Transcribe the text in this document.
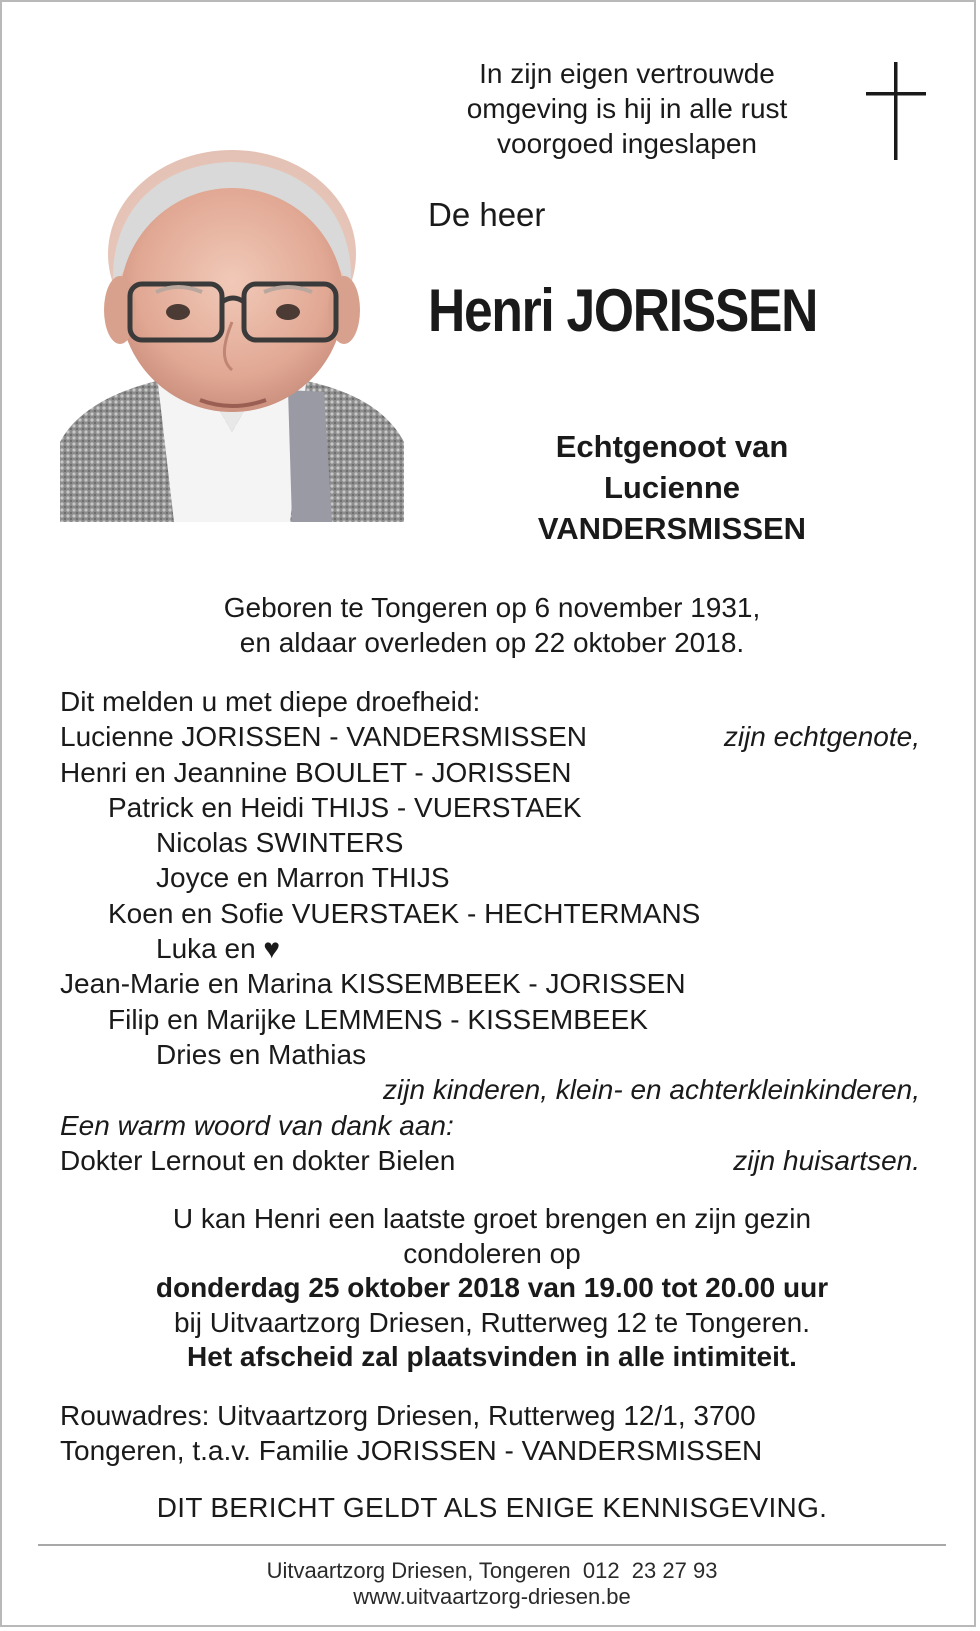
In zijn eigen vertrouwde
omgeving is hij in alle rust
voorgoed ingeslapen
De heer
Henri JORISSEN
Echtgenoot van
Lucienne
VANDERSMISSEN
Geboren te Tongeren op 6 november 1931,
en aldaar overleden op 22 oktober 2018.
Dit melden u met diepe droefheid:
Lucienne JORISSEN - VANDERSMISSEN	zijn echtgenote,
Henri en Jeannine BOULET - JORISSEN
Patrick en Heidi THIJS - VUERSTAEK
Nicolas SWINTERS
Joyce en Marron THIJS
Koen en Sofie VUERSTAEK - HECHTERMANS
Luka en ♥
Jean-Marie en Marina KISSEMBEEK - JORISSEN
Filip en Marijke LEMMENS - KISSEMBEEK
Dries en Mathias
zijn kinderen, klein- en achterkleinkinderen,
Een warm woord van dank aan:
Dokter Lernout en dokter Bielen	zijn huisartsen.
U kan Henri een laatste groet brengen en zijn gezin
condoleren op
donderdag 25 oktober 2018 van 19.00 tot 20.00 uur
bij Uitvaartzorg Driesen, Rutterweg 12 te Tongeren.
Het afscheid zal plaatsvinden in alle intimiteit.
Rouwadres: Uitvaartzorg Driesen, Rutterweg 12/1, 3700
Tongeren, t.a.v. Familie JORISSEN - VANDERSMISSEN
DIT BERICHT GELDT ALS ENIGE KENNISGEVING.
Uitvaartzorg Driesen, Tongeren  012  23 27 93
www.uitvaartzorg-driesen.be
